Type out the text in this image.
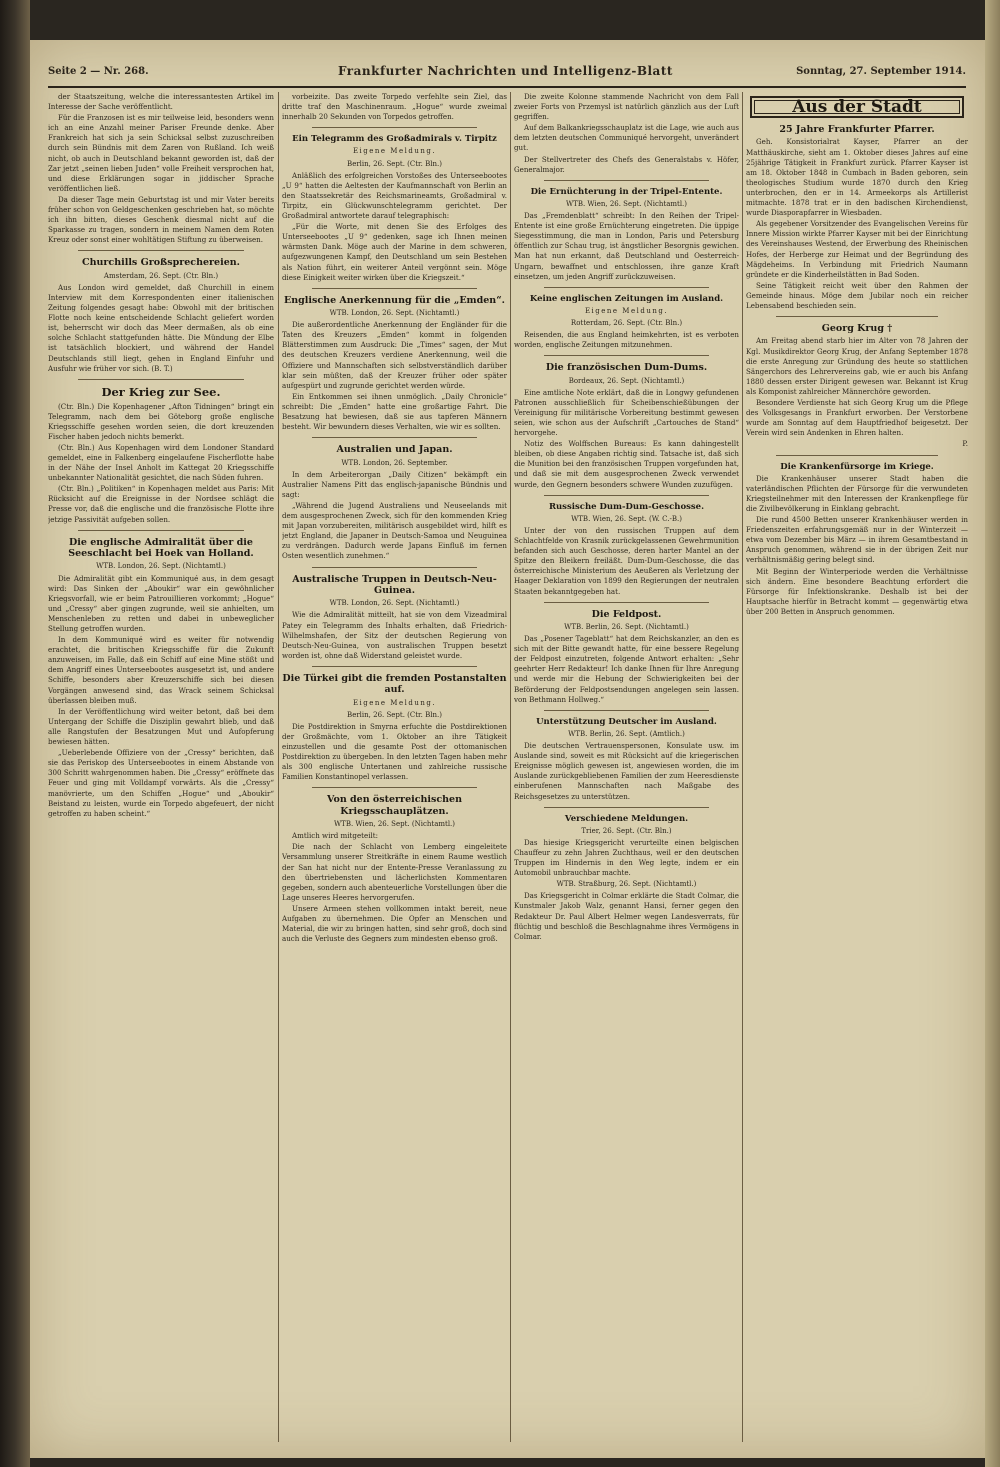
Seite 2 — Nr. 268.	Frankfurter Nachrichten und Intelligenz-Blatt	Sonntag, 27. September 1914.

der Staatszeitung, welche die interessantesten Artikel im Interesse der Sache veröffentlicht.

Für die Franzosen ist es mir teilweise leid, besonders wenn ich an eine Anzahl meiner Pariser Freunde denke. Aber Frankreich hat sich ja sein Schicksal selbst zuzuschreiben durch sein Bündnis mit dem Zaren von Rußland. Ich weiß nicht, ob auch in Deutschland bekannt geworden ist, daß der Zar jetzt „seinen lieben Juden“ volle Freiheit versprochen hat, und diese Erklärungen sogar in jiddischer Sprache veröffentlichen ließ.

Da dieser Tage mein Geburtstag ist und mir Vater bereits früher schon von Geldgeschenken geschrieben hat, so möchte ich ihn bitten, dieses Geschenk diesmal nicht auf die Sparkasse zu tragen, sondern in meinem Namen dem Roten Kreuz oder sonst einer wohltätigen Stiftung zu überweisen.

Churchills Großsprechereien.
Amsterdam, 26. Sept. (Ctr. Bln.)

Aus London wird gemeldet, daß Churchill in einem Interview mit dem Korrespondenten einer italienischen Zeitung folgendes gesagt habe: Obwohl mit der britischen Flotte noch keine entscheidende Schlacht geliefert worden ist, beherrscht wir doch das Meer dermaßen, als ob eine solche Schlacht stattgefunden hätte. Die Mündung der Elbe ist tatsächlich blockiert, und während der Handel Deutschlands still liegt, gehen in England Einfuhr und Ausfuhr wie früher vor sich. (B. T.)

Der Krieg zur See.

(Ctr. Bln.) Die Kopenhagener „Afton Tidningen“ bringt ein Telegramm, nach dem bei Göteborg große englische Kriegsschiffe gesehen worden seien, die dort kreuzenden Fischer haben jedoch nichts bemerkt.

(Ctr. Bln.) Aus Kopenhagen wird dem Londoner Standard gemeldet, eine in Falkenberg eingelaufene Fischerflotte habe in der Nähe der Insel Anholt im Kattegat 20 Kriegsschiffe unbekannter Nationalität gesichtet, die nach Süden fuhren.

(Ctr. Bln.) „Politiken“ in Kopenhagen meldet aus Paris: Mit Rücksicht auf die Ereignisse in der Nordsee schlägt die Presse vor, daß die englische und die französische Flotte ihre jetzige Passivität aufgeben sollen.

Die englische Admiralität über die Seeschlacht bei Hoek van Holland.
WTB. London, 26. Sept. (Nichtamtl.)

Die Admiralität gibt ein Kommuniqué aus, in dem gesagt wird: Das Sinken der „Aboukir“ war ein gewöhnlicher Kriegsvorfall, wie er beim Patrouillieren vorkommt; „Hogue“ und „Cressy“ aber gingen zugrunde, weil sie anhielten, um Menschenleben zu retten und dabei in unbeweglicher Stellung getroffen wurden.

In dem Kommuniqué wird es weiter für notwendig erachtet, die britischen Kriegsschiffe für die Zukunft anzuweisen, im Falle, daß ein Schiff auf eine Mine stößt und dem Angriff eines Unterseebootes ausgesetzt ist, und andere Schiffe, besonders aber Kreuzerschiffe sich bei diesen Vorgängen anwesend sind, das Wrack seinem Schicksal überlassen bleiben muß.

In der Veröffentlichung wird weiter betont, daß bei dem Untergang der Schiffe die Disziplin gewahrt blieb, und daß alle Rangstufen der Besatzungen Mut und Aufopferung bewiesen hätten.

„Ueberlebende Offiziere von der „Cressy“ berichten, daß sie das Periskop des Unterseebootes in einem Abstande von 300 Schritt wahrgenommen haben. Die „Cressy“ eröffnete das Feuer und ging mit Volldampf vorwärts. Als die „Cressy“ manövrierte, um den Schiffen „Hogue“ und „Aboukir“ Beistand zu leisten, wurde ein Torpedo abgefeuert, der nicht getroffen zu haben scheint.“

vorbeizite. Das zweite Torpedo verfehlte sein Ziel, das dritte traf den Maschinenraum. „Hogue“ wurde zweimal innerhalb 20 Sekunden von Torpedos getroffen.

Ein Telegramm des Großadmirals v. Tirpitz
Eigene Meldung.
Berlin, 26. Sept. (Ctr. Bln.)

Anläßlich des erfolgreichen Vorstoßes des Unterseebootes „U 9“ hatten die Aeltesten der Kaufmannschaft von Berlin an den Staatssekretär des Reichsmarineamts, Großadmiral v. Tirpitz, ein Glückwunschtelegramm gerichtet. Der Großadmiral antwortete darauf telegraphisch:

„Für die Worte, mit denen Sie des Erfolges des Unterseebootes „U 9“ gedenken, sage ich Ihnen meinen wärmsten Dank. Möge auch der Marine in dem schweren, aufgezwungenen Kampf, den Deutschland um sein Bestehen als Nation führt, ein weiterer Anteil vergönnt sein. Möge diese Einigkeit weiter wirken über die Kriegszeit.“

Englische Anerkennung für die „Emden“.
WTB. London, 26. Sept. (Nichtamtl.)

Die außerordentliche Anerkennung der Engländer für die Taten des Kreuzers „Emden“ kommt in folgenden Blätterstimmen zum Ausdruck: Die „Times“ sagen, der Mut des deutschen Kreuzers verdiene Anerkennung, weil die Offiziere und Mannschaften sich selbstverständlich darüber klar sein müßten, daß der Kreuzer früher oder später aufgespürt und zugrunde gerichtet werden würde.

Ein Entkommen sei ihnen unmöglich. „Daily Chronicle“ schreibt: Die „Emden“ hatte eine großartige Fahrt. Die Besatzung hat bewiesen, daß sie aus tapferen Männern besteht. Wir bewundern dieses Verhalten, wie wir es sollten.

Australien und Japan.
WTB. London, 26. September.

In dem Arbeiterorgan „Daily Citizen“ bekämpft ein Australier Namens Pitt das englisch-japanische Bündnis und sagt:

„Während die Jugend Australiens und Neuseelands mit dem ausgesprochenen Zweck, sich für den kommenden Krieg mit Japan vorzubereiten, militärisch ausgebildet wird, hilft es jetzt England, die Japaner in Deutsch-Samoa und Neuguinea zu verdrängen. Dadurch werde Japans Einfluß im fernen Osten wesentlich zunehmen.“

Australische Truppen in Deutsch-Neu-Guinea.
WTB. London, 26. Sept. (Nichtamtl.)

Wie die Admiralität mitteilt, hat sie von dem Vizeadmiral Patey ein Telegramm des Inhalts erhalten, daß Friedrich-Wilhelmshafen, der Sitz der deutschen Regierung von Deutsch-Neu-Guinea, von australischen Truppen besetzt worden ist, ohne daß Widerstand geleistet wurde.

Die Türkei gibt die fremden Postanstalten auf.
Eigene Meldung.
Berlin, 26. Sept. (Ctr. Bln.)

Die Postdirektion in Smyrna erfuchte die Postdirektionen der Großmächte, vom 1. Oktober an ihre Tätigkeit einzustellen und die gesamte Post der ottomanischen Postdirektion zu übergeben. In den letzten Tagen haben mehr als 300 englische Untertanen und zahlreiche russische Familien Konstantinopel verlassen.

Von den österreichischen Kriegsschauplätzen.
WTB. Wien, 26. Sept. (Nichtamtl.)

Amtlich wird mitgeteilt:

Die nach der Schlacht von Lemberg eingeleitete Versammlung unserer Streitkräfte in einem Raume westlich der San hat nicht nur der Entente-Presse Veranlassung zu den übertriebensten und lächerlichsten Kommentaren gegeben, sondern auch abenteuerliche Vorstellungen über die Lage unseres Heeres hervorgerufen.

Unsere Armeen stehen vollkommen intakt bereit, neue Aufgaben zu übernehmen. Die Opfer an Menschen und Material, die wir zu bringen hatten, sind sehr groß, doch sind auch die Verluste des Gegners zum mindesten ebenso groß.

Die zweite Kolonne stammende Nachricht von dem Fall zweier Forts von Przemysl ist natürlich gänzlich aus der Luft gegriffen.

Auf dem Balkankriegsschauplatz ist die Lage, wie auch aus dem letzten deutschen Communiqué hervorgeht, unverändert gut.

Der Stellvertreter des Chefs des Generalstabs v. Höfer, Generalmajor.

Die Ernüchterung in der Tripel-Entente.
WTB. Wien, 26. Sept. (Nichtamtl.)

Das „Fremdenblatt“ schreibt: In den Reihen der Tripel-Entente ist eine große Ernüchterung eingetreten. Die üppige Siegesstimmung, die man in London, Paris und Petersburg öffentlich zur Schau trug, ist ängstlicher Besorgnis gewichen. Man hat nun erkannt, daß Deutschland und Oesterreich-Ungarn, bewaffnet und entschlossen, ihre ganze Kraft einsetzen, um jeden Angriff zurückzuweisen.

Keine englischen Zeitungen im Ausland.
Eigene Meldung.
Rotterdam, 26. Sept. (Ctr. Bln.)

Reisenden, die aus England heimkehrten, ist es verboten worden, englische Zeitungen mitzunehmen.

Die französischen Dum-Dums.
Bordeaux, 26. Sept. (Nichtamtl.)

Eine amtliche Note erklärt, daß die in Longwy gefundenen Patronen ausschließlich für Scheibenschießübungen der Vereinigung für militärische Vorbereitung bestimmt gewesen seien, wie schon aus der Aufschrift „Cartouches de Stand“ hervorgehe.

Notiz des Wolffschen Bureaus: Es kann dahingestellt bleiben, ob diese Angaben richtig sind. Tatsache ist, daß sich die Munition bei den französischen Truppen vorgefunden hat, und daß sie mit dem ausgesprochenen Zweck verwendet wurde, den Gegnern besonders schwere Wunden zuzufügen.

Russische Dum-Dum-Geschosse.
WTB. Wien, 26. Sept. (W. C.-B.)

Unter der von den russischen Truppen auf dem Schlachtfelde von Krasnik zurückgelassenen Gewehrmunition befanden sich auch Geschosse, deren harter Mantel an der Spitze den Bleikern freiläßt. Dum-Dum-Geschosse, die das österreichische Ministerium des Aeußeren als Verletzung der Haager Deklaration von 1899 den Regierungen der neutralen Staaten bekanntgegeben hat.

Die Feldpost.
WTB. Berlin, 26. Sept. (Nichtamtl.)

Das „Posener Tageblatt“ hat dem Reichskanzler, an den es sich mit der Bitte gewandt hatte, für eine bessere Regelung der Feldpost einzutreten, folgende Antwort erhalten: „Sehr geehrter Herr Redakteur! Ich danke Ihnen für Ihre Anregung und werde mir die Hebung der Schwierigkeiten bei der Beförderung der Feldpostsendungen angelegen sein lassen. von Bethmann Hollweg.“

Unterstützung Deutscher im Ausland.
WTB. Berlin, 26. Sept. (Amtlich.)

Die deutschen Vertrauenspersonen, Konsulate usw. im Auslande sind, soweit es mit Rücksicht auf die kriegerischen Ereignisse möglich gewesen ist, angewiesen worden, die im Auslande zurückgebliebenen Familien der zum Heeresdienste einberufenen Mannschaften nach Maßgabe des Reichsgesetzes zu unterstützen.

Verschiedene Meldungen.
Trier, 26. Sept. (Ctr. Bln.)

Das hiesige Kriegsgericht verurteilte einen belgischen Chauffeur zu zehn Jahren Zuchthaus, weil er den deutschen Truppen im Hindernis in den Weg legte, indem er ein Automobil unbrauchbar machte.

WTB. Straßburg, 26. Sept. (Nichtamtl.)

Das Kriegsgericht in Colmar erklärte die Stadt Colmar, die Kunstmaler Jakob Walz, genannt Hansi, ferner gegen den Redakteur Dr. Paul Albert Helmer wegen Landesverrats, für flüchtig und beschloß die Beschlagnahme ihres Vermögens in Colmar.

Aus der Stadt
25 Jahre Frankfurter Pfarrer.

Geh. Konsistorialrat Kayser, Pfarrer an der Matthäuskirche, sieht am 1. Oktober dieses Jahres auf eine 25jährige Tätigkeit in Frankfurt zurück. Pfarrer Kayser ist am 18. Oktober 1848 in Cumbach in Baden geboren, sein theologisches Studium wurde 1870 durch den Krieg unterbrochen, den er in 14. Armeekorps als Artillerist mitmachte. 1878 trat er in den badischen Kirchendienst, wurde Diasporapfarrer in Wiesbaden.

Als gegebener Vorsitzender des Evangelischen Vereins für Innere Mission wirkte Pfarrer Kayser mit bei der Einrichtung des Vereinshauses Westend, der Erwerbung des Rheinischen Hofes, der Herberge zur Heimat und der Begründung des Mägdeheims. In Verbindung mit Friedrich Naumann gründete er die Kinderheilstätten in Bad Soden.

Seine Tätigkeit reicht weit über den Rahmen der Gemeinde hinaus. Möge dem Jubilar noch ein reicher Lebensabend beschieden sein.

Georg Krug †

Am Freitag abend starb hier im Alter von 78 Jahren der Kgl. Musikdirektor Georg Krug, der Anfang September 1878 die erste Anregung zur Gründung des heute so stattlichen Sängerchors des Lehrervereins gab, wie er auch bis Anfang 1880 dessen erster Dirigent gewesen war. Bekannt ist Krug als Komponist zahlreicher Männerchöre geworden.

Besondere Verdienste hat sich Georg Krug um die Pflege des Volksgesangs in Frankfurt erworben. Der Verstorbene wurde am Sonntag auf dem Hauptfriedhof beigesetzt. Der Verein wird sein Andenken in Ehren halten.

P.

Die Krankenfürsorge im Kriege.

Die Krankenhäuser unserer Stadt haben die vaterländischen Pflichten der Fürsorge für die verwundeten Kriegsteilnehmer mit den Interessen der Krankenpflege für die Zivilbevölkerung in Einklang gebracht.

Die rund 4500 Betten unserer Krankenhäuser werden in Friedenszeiten erfahrungsgemäß nur in der Winterzeit — etwa vom Dezember bis März — in ihrem Gesamtbestand in Anspruch genommen, während sie in der übrigen Zeit nur verhältnismäßig gering belegt sind.

Mit Beginn der Winterperiode werden die Verhältnisse sich ändern. Eine besondere Beachtung erfordert die Fürsorge für Infektionskranke. Deshalb ist bei der Hauptsache hierfür in Betracht kommt — gegenwärtig etwa über 200 Betten in Anspruch genommen.
